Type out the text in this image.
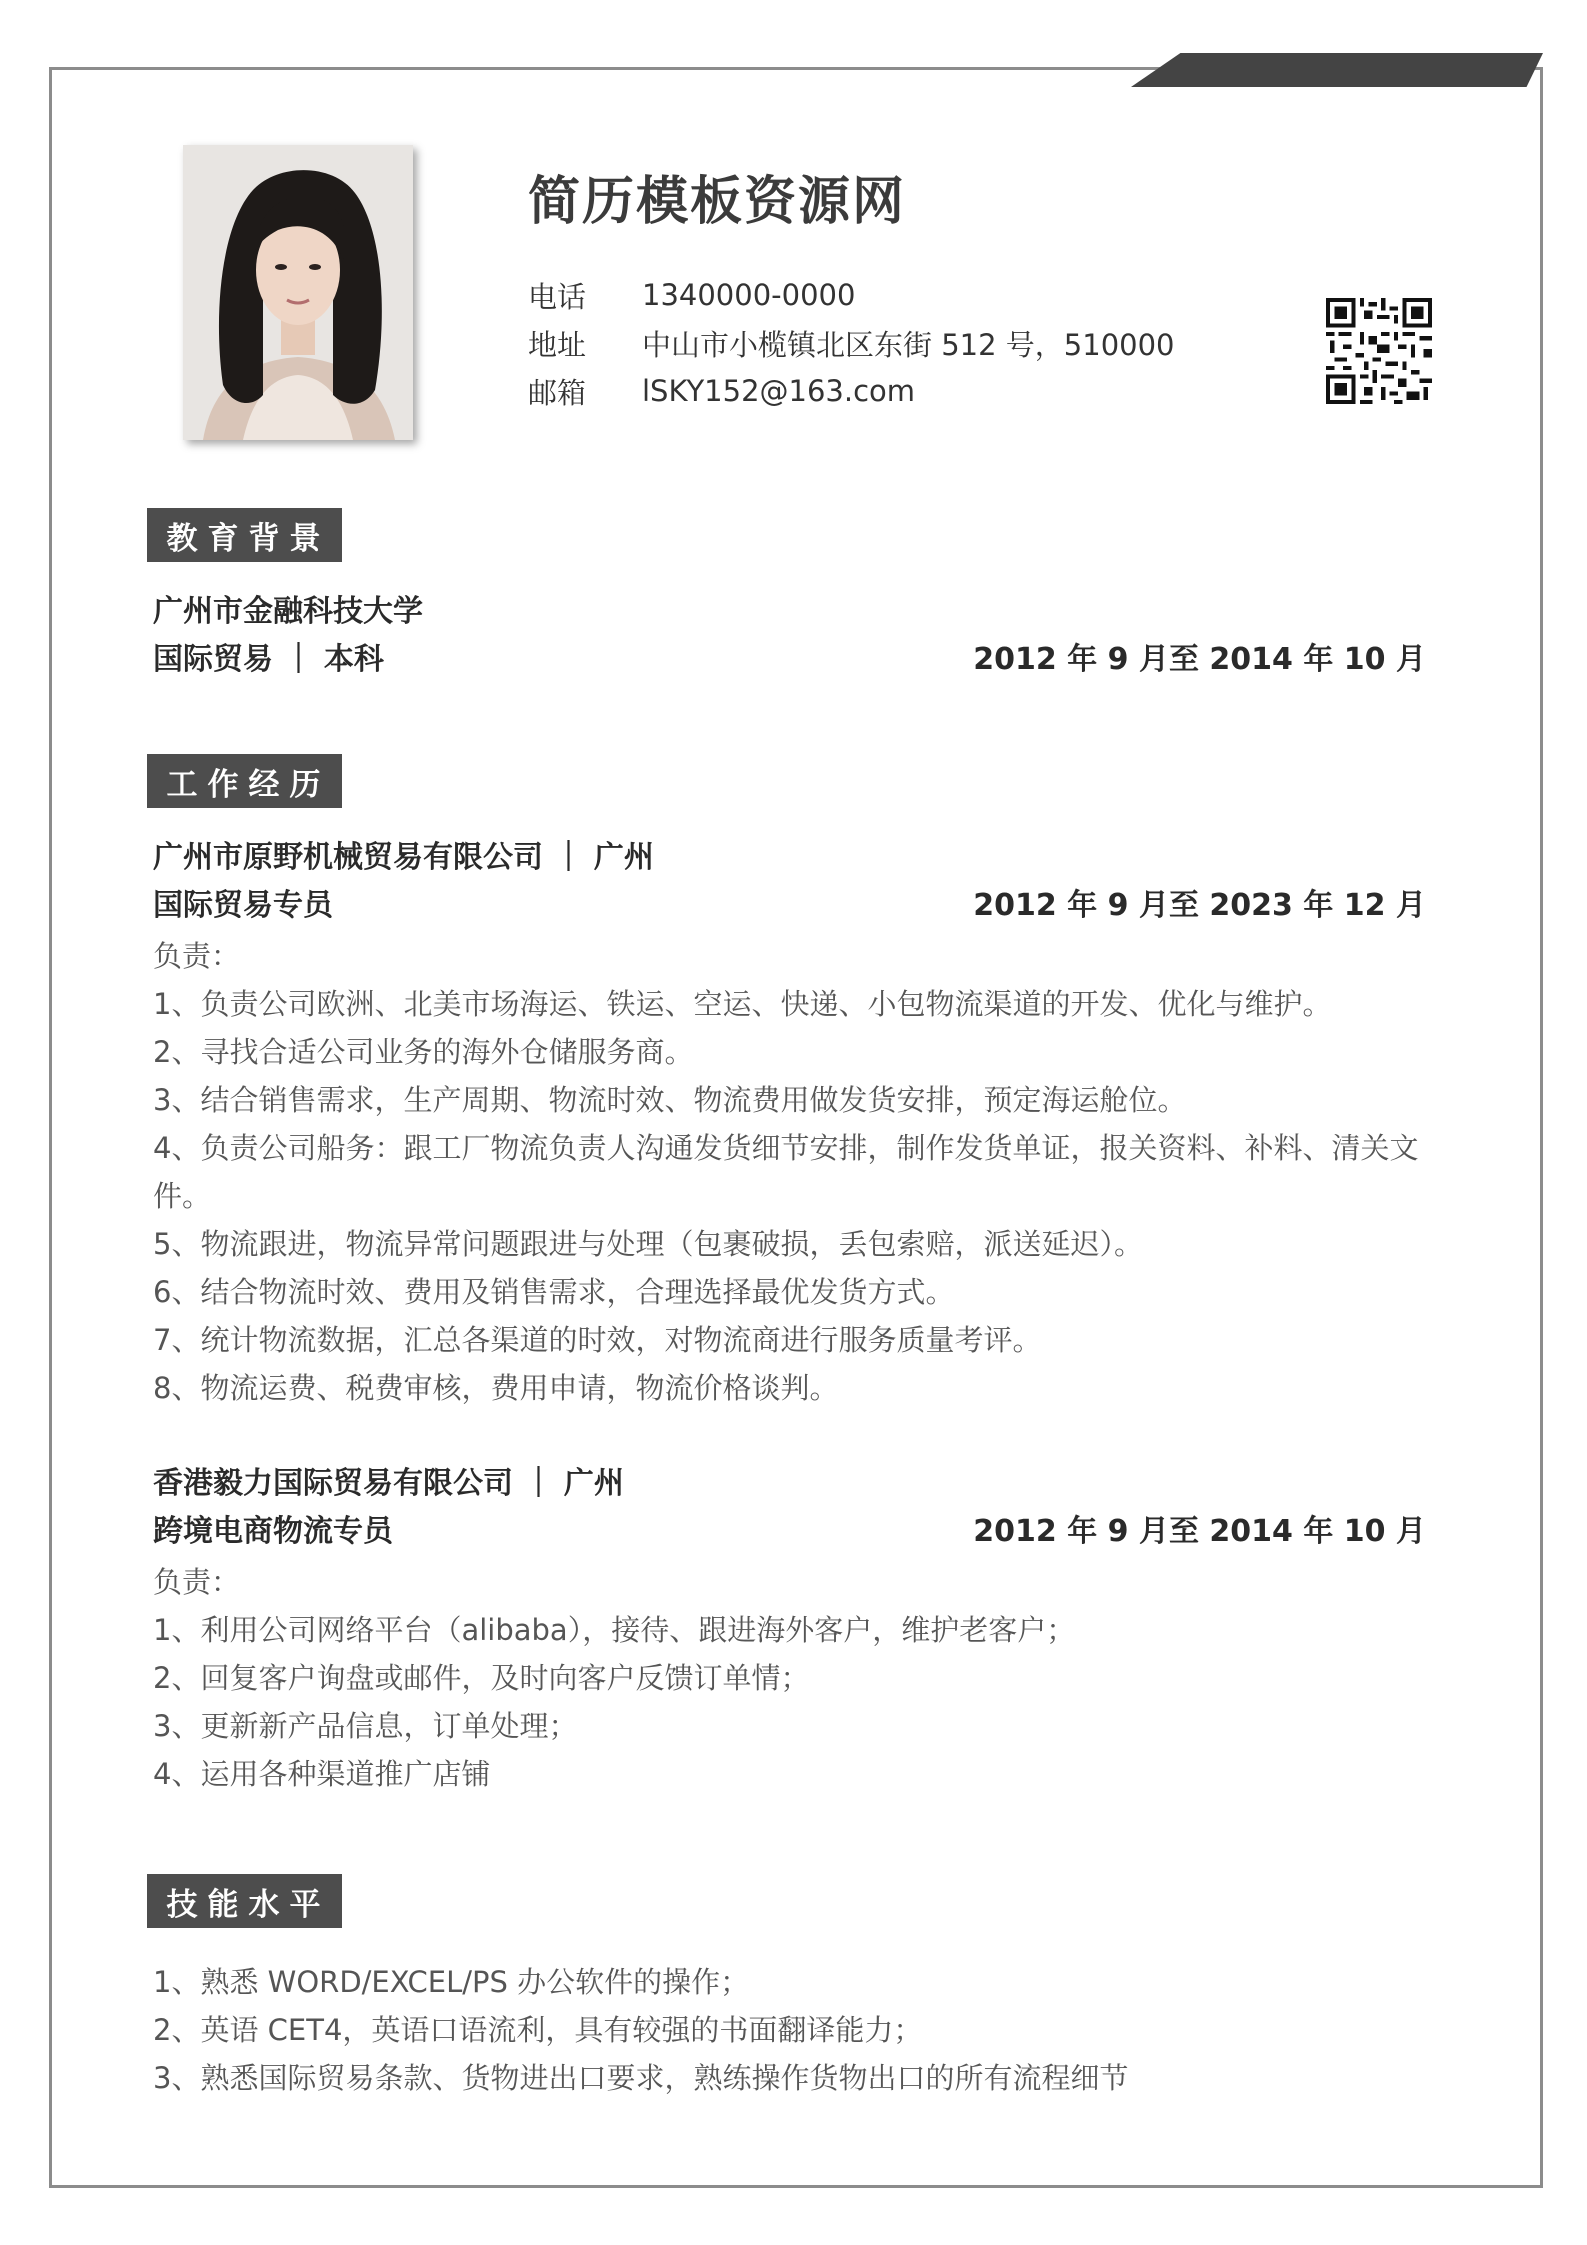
简历模板资源网
电话	1340000-0000
地址	中山市小榄镇北区东街 512 号，510000
邮箱	lSKY152@163.com
教育背景
广州市金融科技大学
国际贸易 ｜ 本科	2012 年 9 月至 2014 年 10 月
工作经历
广州市原野机械贸易有限公司 ｜ 广州
国际贸易专员	2012 年 9 月至 2023 年 12 月
负责：
1、负责公司欧洲、北美市场海运、铁运、空运、快递、小包物流渠道的开发、优化与维护。
2、寻找合适公司业务的海外仓储服务商。
3、结合销售需求，生产周期、物流时效、物流费用做发货安排，预定海运舱位。
4、负责公司船务：跟工厂物流负责人沟通发货细节安排，制作发货单证，报关资料、补料、清关文件。
5、物流跟进，物流异常问题跟进与处理（包裹破损，丢包索赔，派送延迟）。
6、结合物流时效、费用及销售需求，合理选择最优发货方式。
7、统计物流数据，汇总各渠道的时效，对物流商进行服务质量考评。
8、物流运费、税费审核，费用申请，物流价格谈判。
香港毅力国际贸易有限公司 ｜ 广州
跨境电商物流专员	2012 年 9 月至 2014 年 10 月
负责：
1、利用公司网络平台（alibaba），接待、跟进海外客户，维护老客户；
2、回复客户询盘或邮件，及时向客户反馈订单情；
3、更新新产品信息，订单处理；
4、运用各种渠道推广店铺
技能水平
1、熟悉 WORD/EXCEL/PS 办公软件的操作；
2、英语 CET4，英语口语流利，具有较强的书面翻译能力；
3、熟悉国际贸易条款、货物进出口要求，熟练操作货物出口的所有流程细节
